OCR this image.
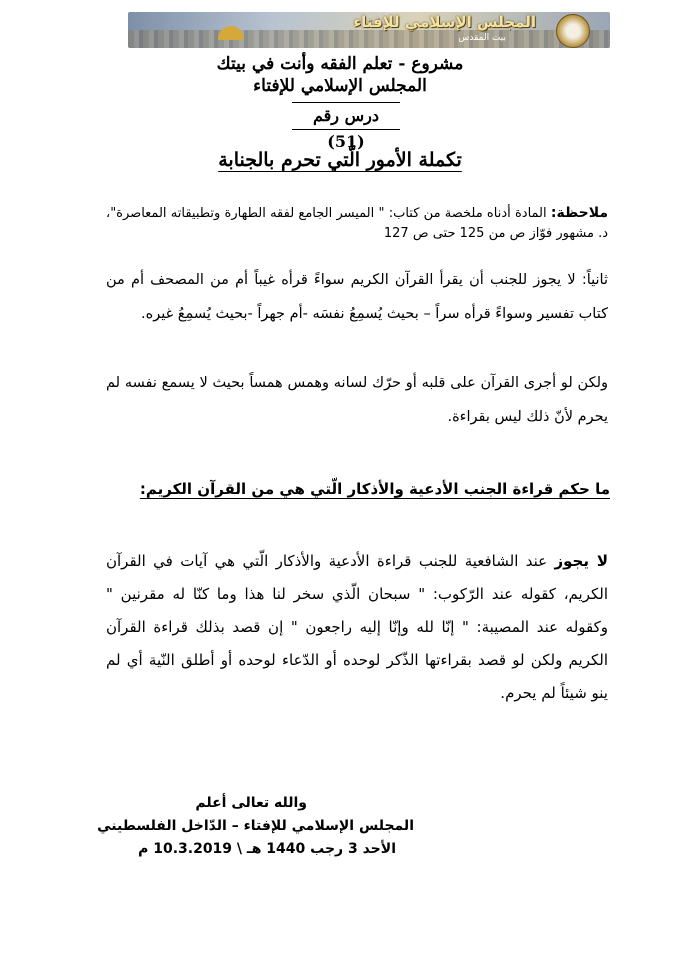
المجلس الإسلامي للإفتاء
بيت المقدس
مشروع - تعلم الفقه وأنت في بيتك
المجلس الإسلامي للإفتاء
درس رقم (51)
تكملة الأمور الّتي تحرم بالجنابة
ملاحظة: المادة أدناه ملخصة من كتاب: " الميسر الجامع لفقه الطهارة وتطبيقاته المعاصرة"، د. مشهور فوّاز ص من 125 حتى ص 127
ثانياً: لا يجوز للجنب أن يقرأ القرآن الكريم سواءً قرأه غيباً أم من المصحف أم من كتاب تفسير وسواءً قرأه سراً – بحيث يُسمِعُ نفسَه -أم جهراً -بحيث يُسمِعُ غيره.
ولكن لو أجرى القرآن على قلبه أو حرّك لسانه وهمس همساً بحيث لا يسمع نفسه لم يحرم لأنّ ذلك ليس بقراءة.
ما حكم قراءة الجنب الأدعية والأذكار الّتي هي من القرآن الكريم:
لا يجوز عند الشافعية للجنب قراءة الأدعية والأذكار الّتي هي آيات في القرآن الكريم، كقوله عند الرّكوب: " سبحان الّذي سخر لنا هذا وما كنّا له مقرنين " وكقوله عند المصيبة: " إنّا لله وإنّا إليه راجعون " إن قصد بذلك قراءة القرآن الكريم ولكن لو قصد بقراءتها الذّكر لوحده أو الدّعاء لوحده أو أطلق النّية أي لم ينو شيئاً لم يحرم.
والله تعالى أعلم
المجلس الإسلامي للإفتاء – الدّاخل الفلسطيني
الأحد 3 رجب 1440 هـ \ 10.3.2019 م
